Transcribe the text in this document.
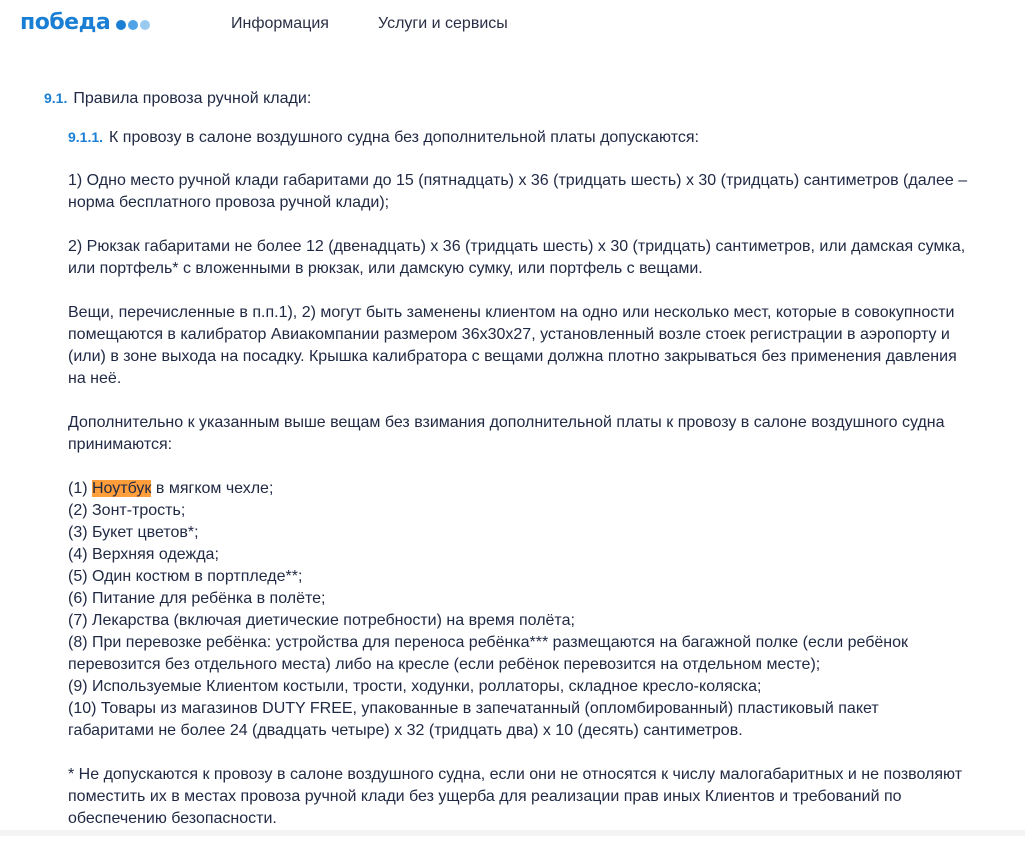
победа	Информация	Услуги и сервисы
9.1. Правила провоза ручной клади:
9.1.1. К провозу в салоне воздушного судна без дополнительной платы допускаются:

1) Одно место ручной клади габаритами до 15 (пятнадцать) х 36 (тридцать шесть) х 30 (тридцать) сантиметров (далее – норма бесплатного провоза ручной клади);

2) Рюкзак габаритами не более 12 (двенадцать) х 36 (тридцать шесть) х 30 (тридцать) сантиметров, или дамская сумка, или портфель* с вложенными в рюкзак, или дамскую сумку, или портфель с вещами.

Вещи, перечисленные в п.п.1), 2) могут быть заменены клиентом на одно или несколько мест, которые в совокупности помещаются в калибратор Авиакомпании размером 36х30х27, установленный возле стоек регистрации в аэропорту и (или) в зоне выхода на посадку. Крышка калибратора с вещами должна плотно закрываться без применения давления на неё.

Дополнительно к указанным выше вещам без взимания дополнительной платы к провозу в салоне воздушного судна принимаются:

(1) Ноутбук в мягком чехле;
(2) Зонт-трость;
(3) Букет цветов*;
(4) Верхняя одежда;
(5) Один костюм в портпледе**;
(6) Питание для ребёнка в полёте;
(7) Лекарства (включая диетические потребности) на время полёта;
(8) При перевозке ребёнка: устройства для переноса ребёнка*** размещаются на багажной полке (если ребёнок перевозится без отдельного места) либо на кресле (если ребёнок перевозится на отдельном месте);
(9) Используемые Клиентом костыли, трости, ходунки, роллаторы, складное кресло-коляска;
(10) Товары из магазинов DUTY FREE, упакованные в запечатанный (опломбированный) пластиковый пакет габаритами не более 24 (двадцать четыре) х 32 (тридцать два) х 10 (десять) сантиметров.

* Не допускаются к провозу в салоне воздушного судна, если они не относятся к числу малогабаритных и не позволяют поместить их в местах провоза ручной клади без ущерба для реализации прав иных Клиентов и требований по обеспечению безопасности.
